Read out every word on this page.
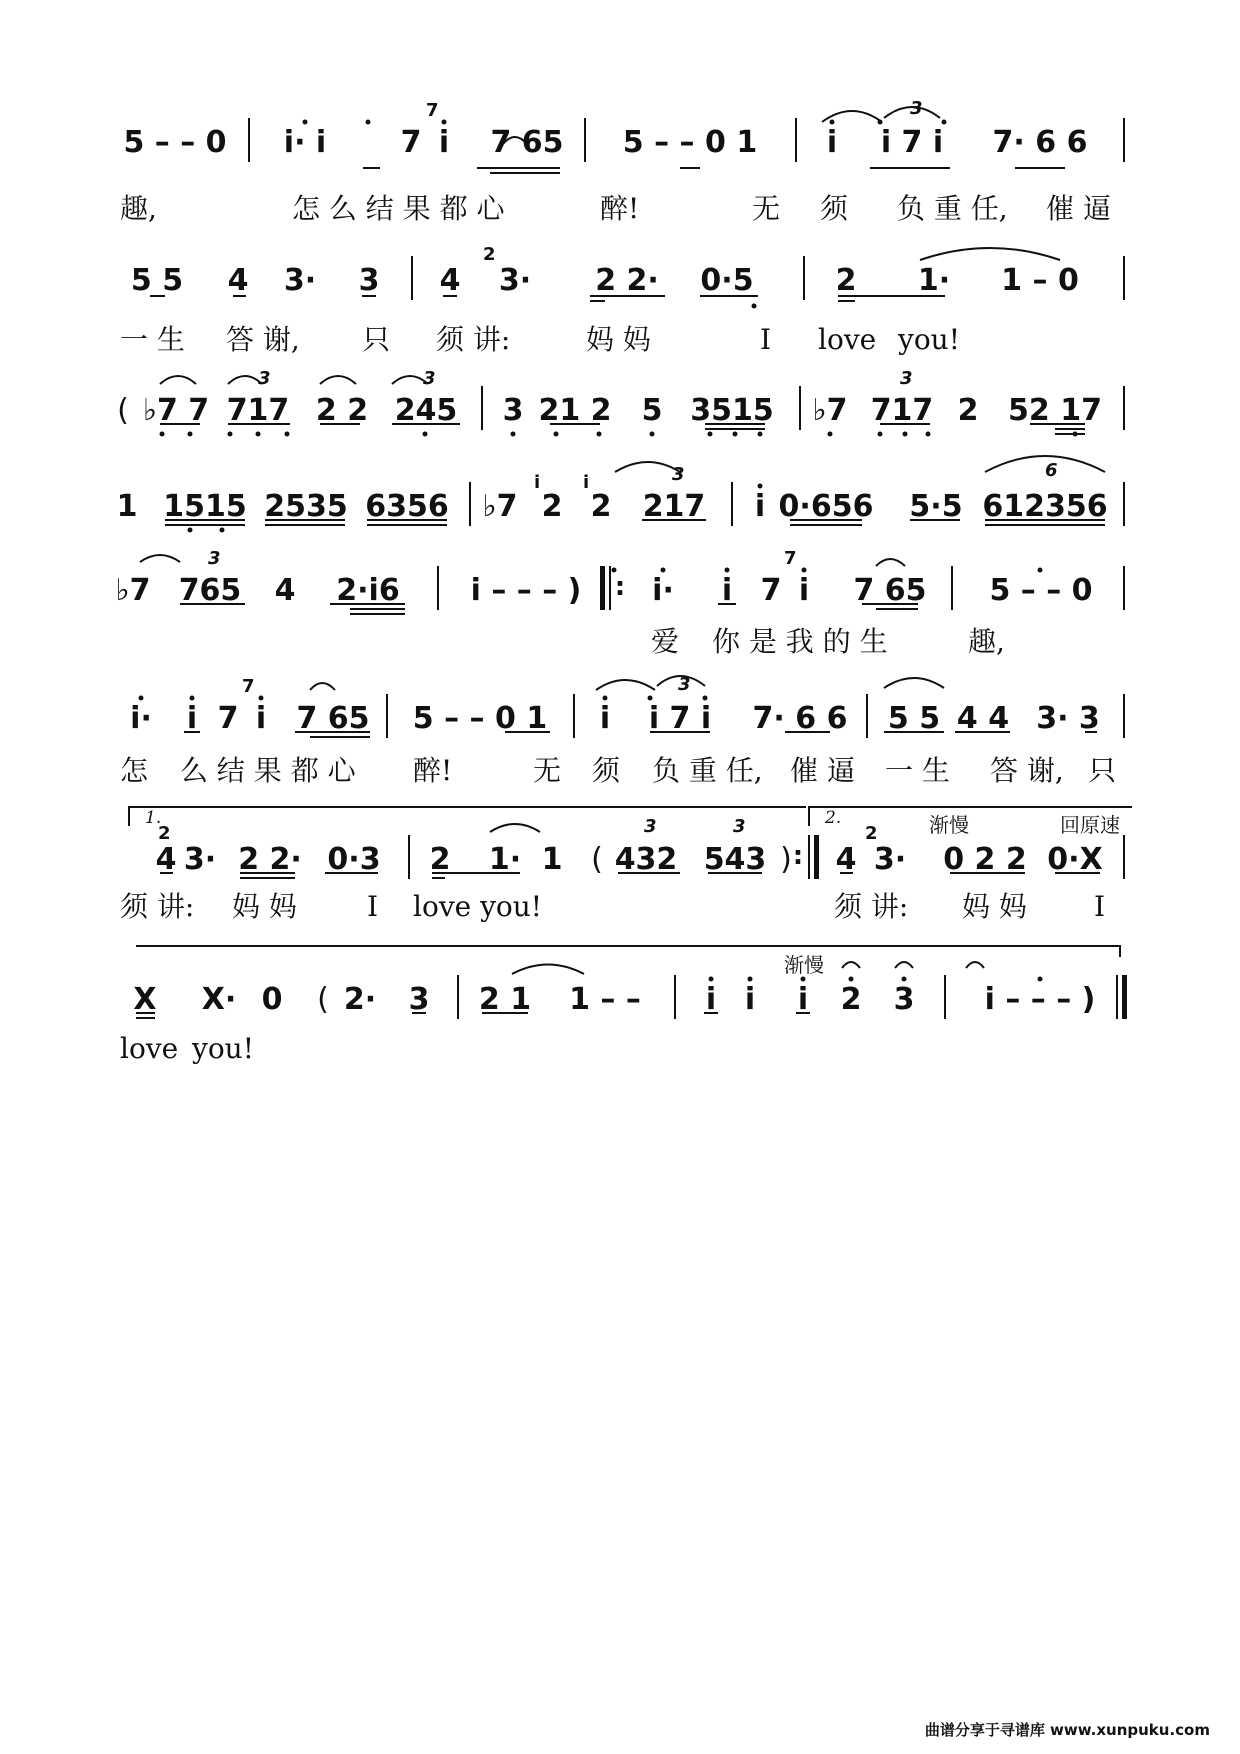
5 – – 0 i· i 7
7
i 7 65 5 – – 0 1 i i 7 i
3
7· 6 6
趣,	怎 么 结 果 都 心	醉!	无 须 负 重 任, 催 逼
5 5 4 3· 3 4
2
3· 2 2· 0·5	2 1· 1 – 0
一 生 答 谢, 只 须 讲:	妈 妈	I love you!
( ♭7 7 717
3
2 2 245
3
3 21 2 5 3515 ♭7 717
3
2 52 17
1 1515 2535 6356 ♭7
i
2
i
2 217
3
i 0·656 5·5 612356
6
♭7 765
3
4 2·i6 i – – – ) : i· i 7
7
i 7 65 5 – – 0
爱 你 是 我 的 生	趣,
i· i 7
7
i 7 65 5 – – 0 1 i i 7 i
3
7· 6 6 5 5 4 4 3· 3
怎 么 结 果 都 心 醉!	无 须 负 重 任, 催 逼 一 生 答 谢, 只
1.	2.	渐慢	回原速
4
2
3· 2 2· 0·3 2 1· 1 ( 432
3
543
3
) : 4
2
3· 0 2 2 0·X
须 讲: 妈 妈	I love you!	须 讲: 妈 妈 I
渐慢
X X· 0 ( 2· 3 2 1 1 – – i i i 2 3 i – – – )
love you!
曲谱分享于寻谱库 www.xunpuku.com
